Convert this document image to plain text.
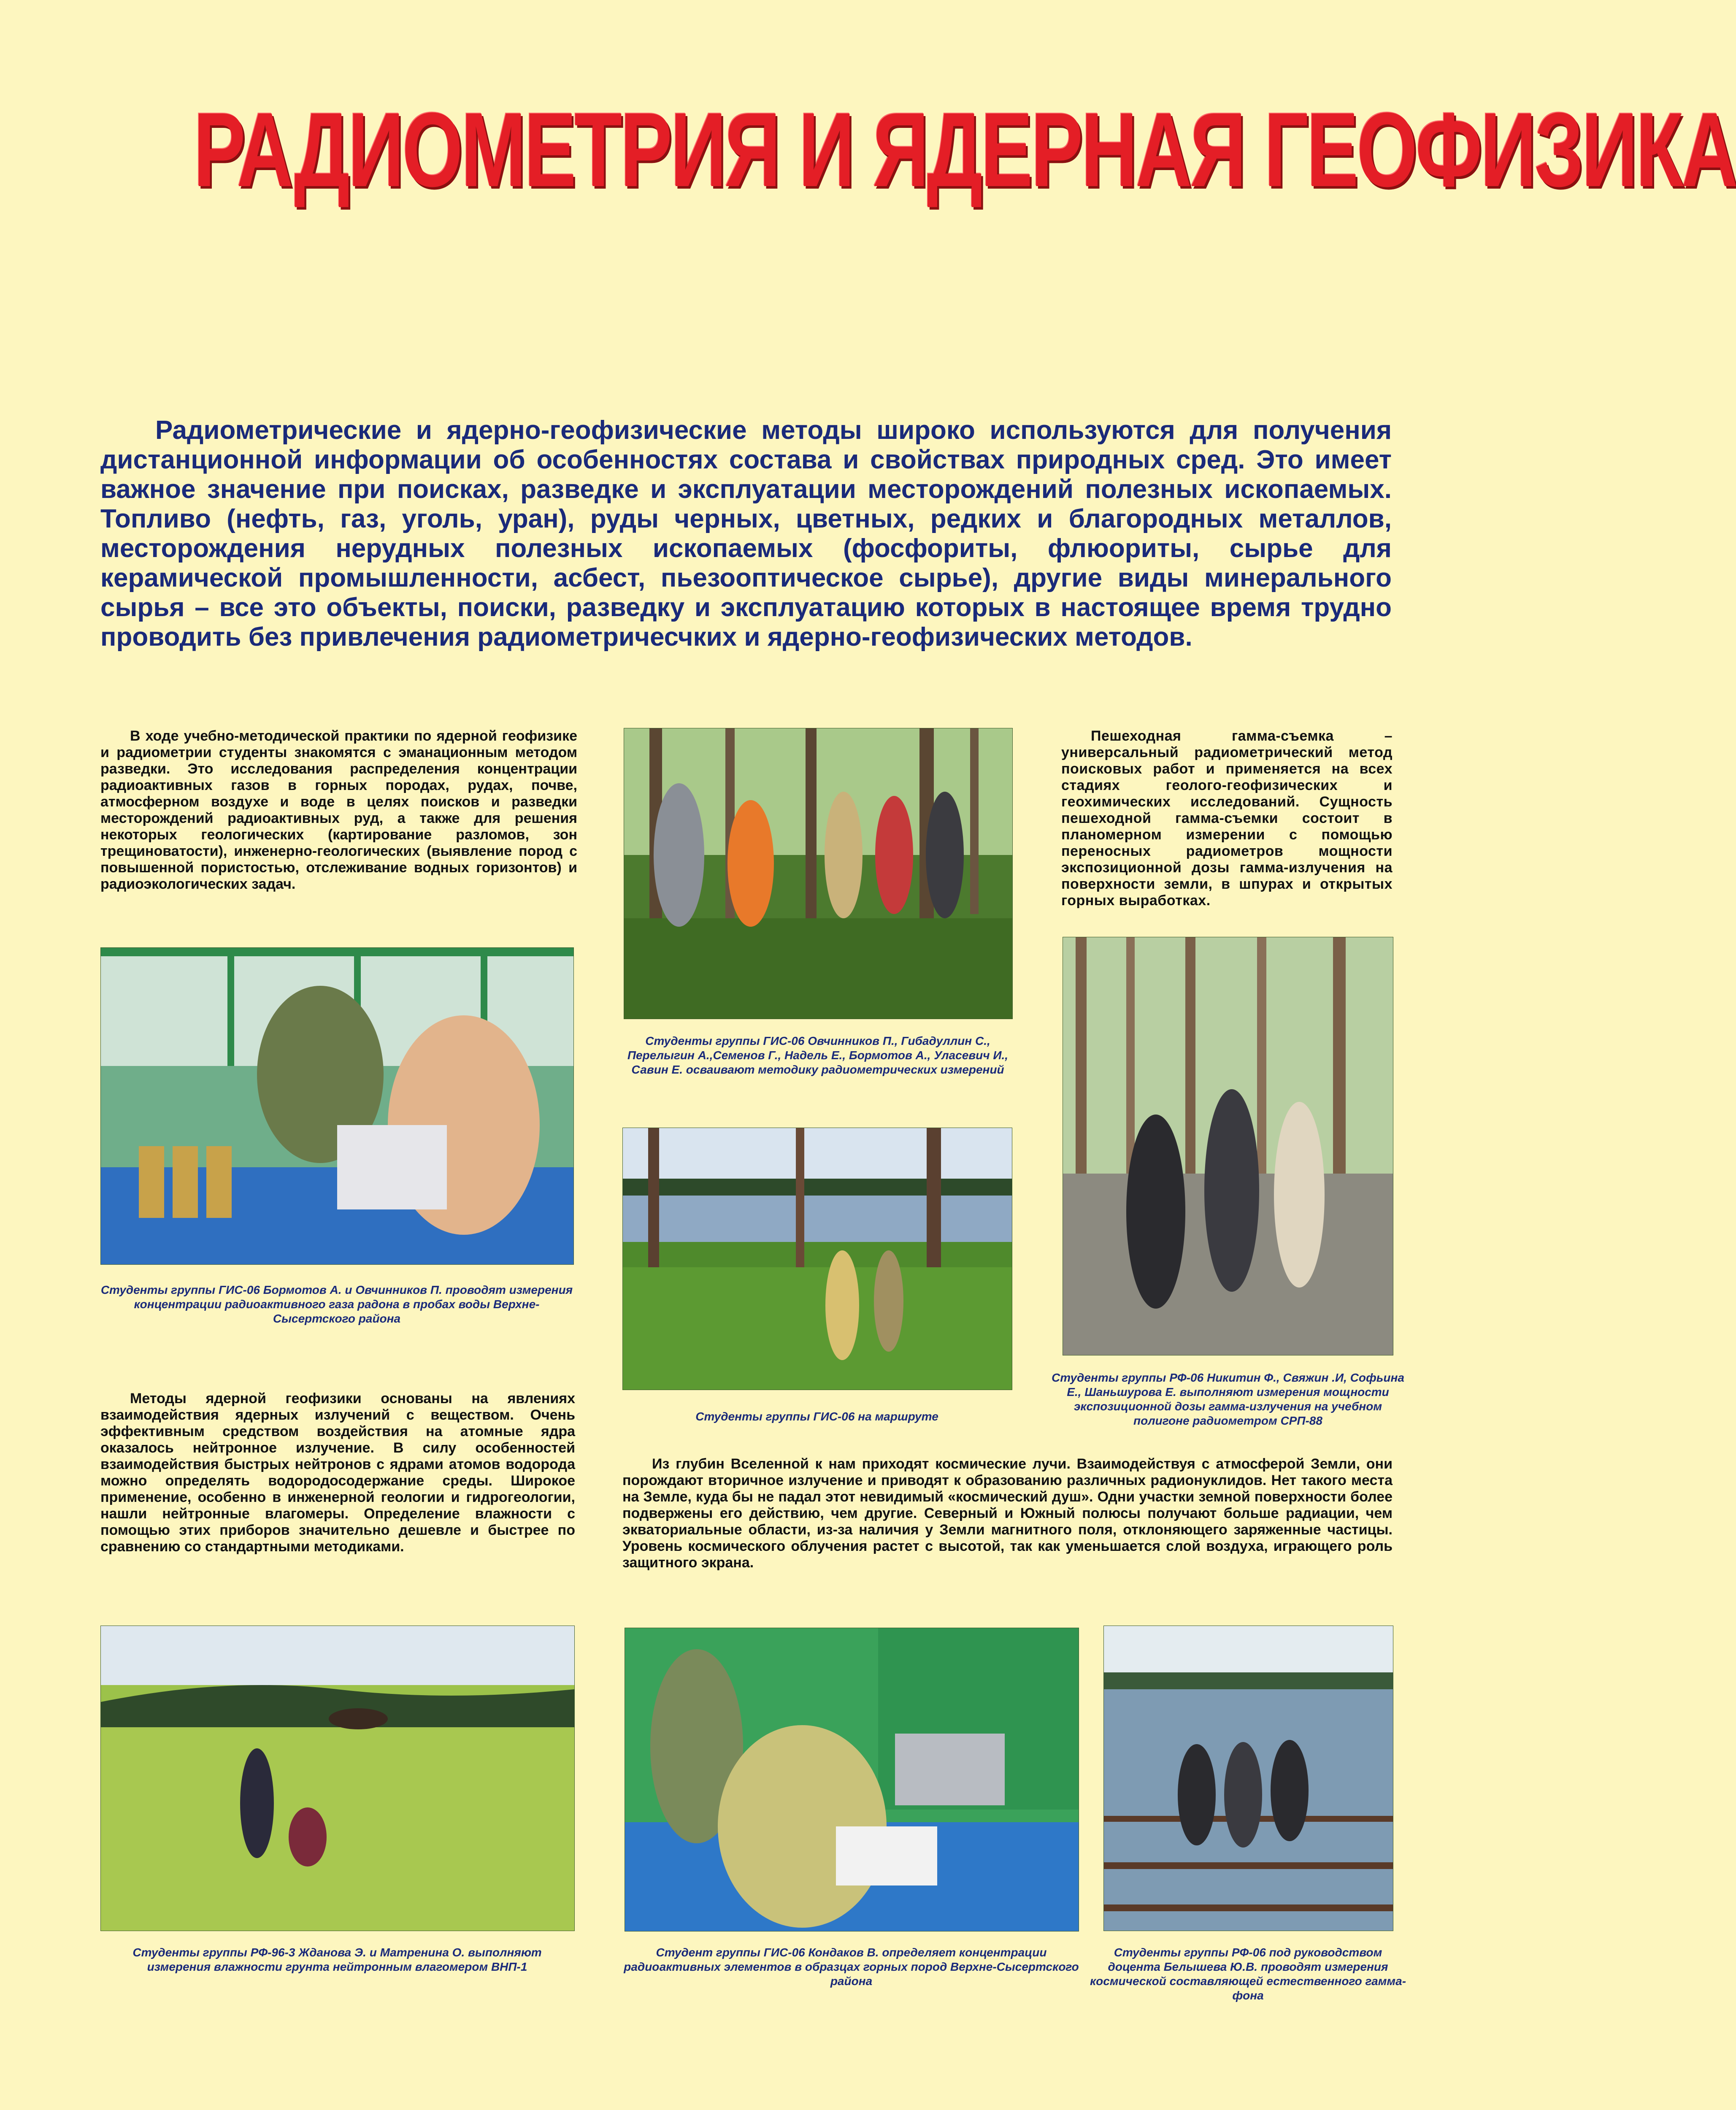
РАДИОМЕТРИЯ И ЯДЕРНАЯ ГЕОФИЗИКА
Радиометрические и ядерно-геофизические методы широко используются для получения дистанционной информации об особенностях состава и свойствах природных сред. Это имеет важное значение при поисках, разведке и эксплуатации месторождений полезных ископаемых. Топливо (нефть, газ, уголь, уран), руды черных, цветных, редких и благородных металлов, месторождения нерудных полезных ископаемых (фосфориты, флюориты, сырье для керамической промышленности, асбест, пьезооптическое сырье), другие виды минерального сырья – все это объекты, поиски, разведку и эксплуатацию которых в настоящее время трудно проводить без привлечения радиометричесчких и ядерно-геофизических методов.
В ходе учебно-методической практики по ядерной геофизике и радиометрии студенты знакомятся с эманационным методом разведки. Это исследования распределения концентрации радиоактивных газов в горных породах, рудах, почве, атмосферном воздухе и воде в целях поисков и разведки месторождений радиоактивных руд, а также для решения некоторых геологических (картирование разломов, зон трещиноватости), инженерно-геологических (выявление пород с повышенной пористостью, отслеживание водных горизонтов) и радиоэкологических задач.
Пешеходная гамма-съемка – универсальный радиометрический метод поисковых работ и применяется на всех стадиях геолого-геофизических и геохимических исследований. Сущность пешеходной гамма-съемки состоит в планомерном измерении с помощью переносных радиометров мощности экспозиционной дозы гамма-излучения на поверхности земли, в шпурах и открытых горных выработках.
Студенты группы ГИС-06 Овчинников П., Гибадуллин С., Перелыгин А.,Семенов Г., Надель Е., Бормотов А., Уласевич И., Савин Е. осваивают методику радиометрических измерений
Студенты группы РФ-06 Никитин Ф., Свяжин .И, Софьина Е., Шаньшурова Е. выполняют измерения мощности экспозиционной дозы гамма-излучения на учебном полигоне радиометром СРП-88
Студенты группы ГИС-06 Бормотов А. и Овчинников П. проводят измерения концентрации радиоактивного газа радона в пробах воды Верхне-Сысертского района
Студенты группы ГИС-06 на маршруте
Методы ядерной геофизики основаны на явлениях взаимодействия ядерных излучений с веществом. Очень эффективным средством воздействия на атомные ядра оказалось нейтронное излучение. В силу особенностей взаимодействия быстрых нейтронов с ядрами атомов водорода можно определять водородосодержание среды. Широкое применение, особенно в инженерной геологии и гидрогеологии, нашли нейтронные влагомеры. Определение влажности с помощью этих приборов значительно дешевле и быстрее по сравнению со стандартными методиками.
Из глубин Вселенной к нам приходят космические лучи. Взаимодействуя с атмосферой Земли, они порождают вторичное излучение и приводят к образованию различных радионуклидов. Нет такого места на Земле, куда бы не падал этот невидимый «космический душ». Одни участки земной поверхности более подвержены его действию, чем другие. Северный и Южный полюсы получают больше радиации, чем экваториальные области, из-за наличия у Земли магнитного поля, отклоняющего заряженные частицы. Уровень космического облучения растет с высотой, так как уменьшается слой воздуха, играющего роль защитного экрана.
Студенты группы РФ-96-3 Жданова Э. и Матренина О. выполняют измерения влажности грунта нейтронным влагомером ВНП-1
Студент группы ГИС-06 Кондаков В. определяет концентрации радиоактивных элементов в образцах горных пород Верхне-Сысертского района
Студенты группы РФ-06 под руководством доцента Белышева Ю.В. проводят измерения космической составляющей естественного гамма-фона
